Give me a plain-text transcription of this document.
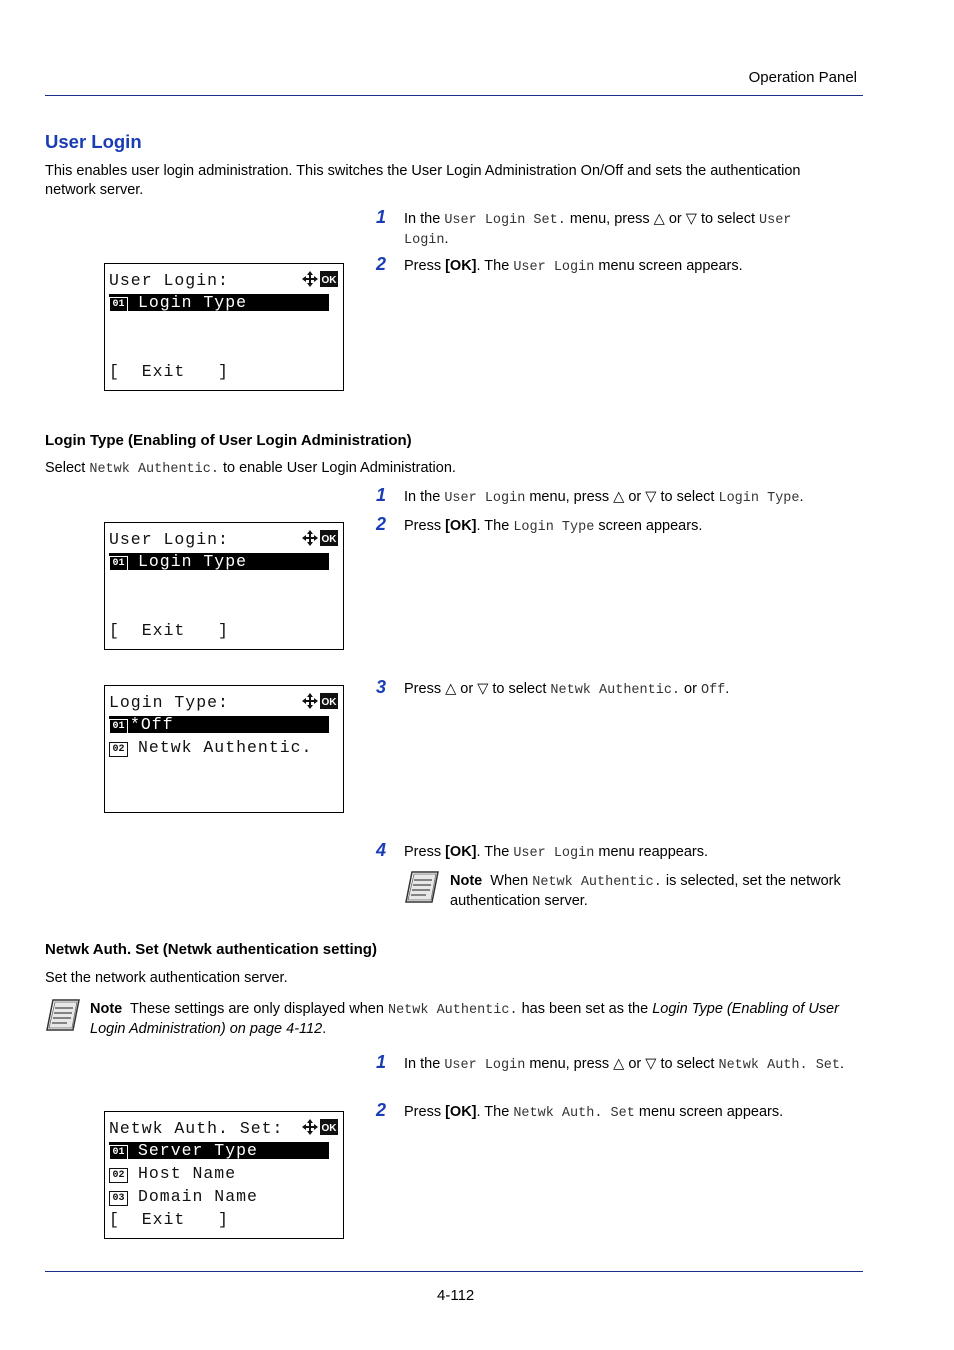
Operation Panel
User Login
This enables user login administration. This switches the User Login Administration On/Off and sets the authentication network server.
1 In the User Login Set. menu, press △ or ▽ to select User Login.
2 Press [OK]. The User Login menu screen appears.
User Login:	OK
01 Login Type
[  Exit   ]
Login Type (Enabling of User Login Administration)
Select Netwk Authentic. to enable User Login Administration.
1 In the User Login menu, press △ or ▽ to select Login Type.
2 Press [OK]. The Login Type screen appears.
User Login:	OK
01 Login Type
[  Exit   ]
3 Press △ or ▽ to select Netwk Authentic. or Off.
Login Type:	OK
01 *Off
02 Netwk Authentic.
4 Press [OK]. The User Login menu reappears.
Note When Netwk Authentic. is selected, set the network authentication server.
Netwk Auth. Set (Netwk authentication setting)
Set the network authentication server.
Note These settings are only displayed when Netwk Authentic. has been set as the Login Type (Enabling of User Login Administration) on page 4-112.
1 In the User Login menu, press △ or ▽ to select Netwk Auth. Set.
2 Press [OK]. The Netwk Auth. Set menu screen appears.
Netwk Auth. Set:	OK
01 Server Type
02 Host Name
03 Domain Name
[  Exit   ]
4-112
